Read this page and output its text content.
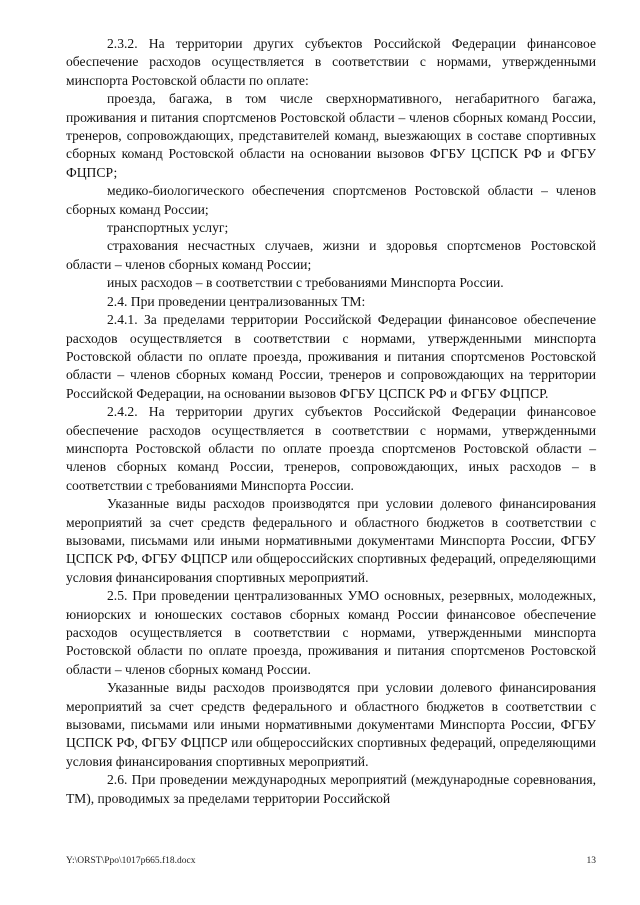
2.3.2. На территории других субъектов Российской Федерации финансовое обеспечение расходов осуществляется в соответствии с нормами, утвержденными минспорта Ростовской области по оплате:

проезда, багажа, в том числе сверхнормативного, негабаритного багажа, проживания и питания спортсменов Ростовской области – членов сборных команд России, тренеров, сопровождающих, представителей команд, выезжающих в составе спортивных сборных команд Ростовской области на основании вызовов ФГБУ ЦСПСК РФ и ФГБУ ФЦПСР;

медико-биологического обеспечения спортсменов Ростовской области – членов сборных команд России;

транспортных услуг;

страхования несчастных случаев, жизни и здоровья спортсменов Ростовской области – членов сборных команд России;

иных расходов – в соответствии с требованиями Минспорта России.

2.4. При проведении централизованных ТМ:

2.4.1. За пределами территории Российской Федерации финансовое обеспечение расходов осуществляется в соответствии с нормами, утвержденными минспорта Ростовской области по оплате проезда, проживания и питания спортсменов Ростовской области – членов сборных команд России, тренеров и сопровождающих на территории Российской Федерации, на основании вызовов ФГБУ ЦСПСК РФ и ФГБУ ФЦПСР.

2.4.2. На территории других субъектов Российской Федерации финансовое обеспечение расходов осуществляется в соответствии с нормами, утвержденными минспорта Ростовской области по оплате проезда спортсменов Ростовской области – членов сборных команд России, тренеров, сопровождающих, иных расходов – в соответствии с требованиями Минспорта России.

Указанные виды расходов производятся при условии долевого финансирования мероприятий за счет средств федерального и областного бюджетов в соответствии с вызовами, письмами или иными нормативными документами Минспорта России, ФГБУ ЦСПСК РФ, ФГБУ ФЦПСР или общероссийских спортивных федераций, определяющими условия финансирования спортивных мероприятий.

2.5. При проведении централизованных УМО основных, резервных, молодежных, юниорских и юношеских составов сборных команд России финансовое обеспечение расходов осуществляется в соответствии с нормами, утвержденными минспорта Ростовской области по оплате проезда, проживания и питания спортсменов Ростовской области – членов сборных команд России.

Указанные виды расходов производятся при условии долевого финансирования мероприятий за счет средств федерального и областного бюджетов в соответствии с вызовами, письмами или иными нормативными документами Минспорта России, ФГБУ ЦСПСК РФ, ФГБУ ФЦПСР или общероссийских спортивных федераций, определяющими условия финансирования спортивных мероприятий.

2.6. При проведении международных мероприятий (международные соревнования, ТМ), проводимых за пределами территории Российской

Y:\ORST\Ppo\1017p665.f18.docx	13
